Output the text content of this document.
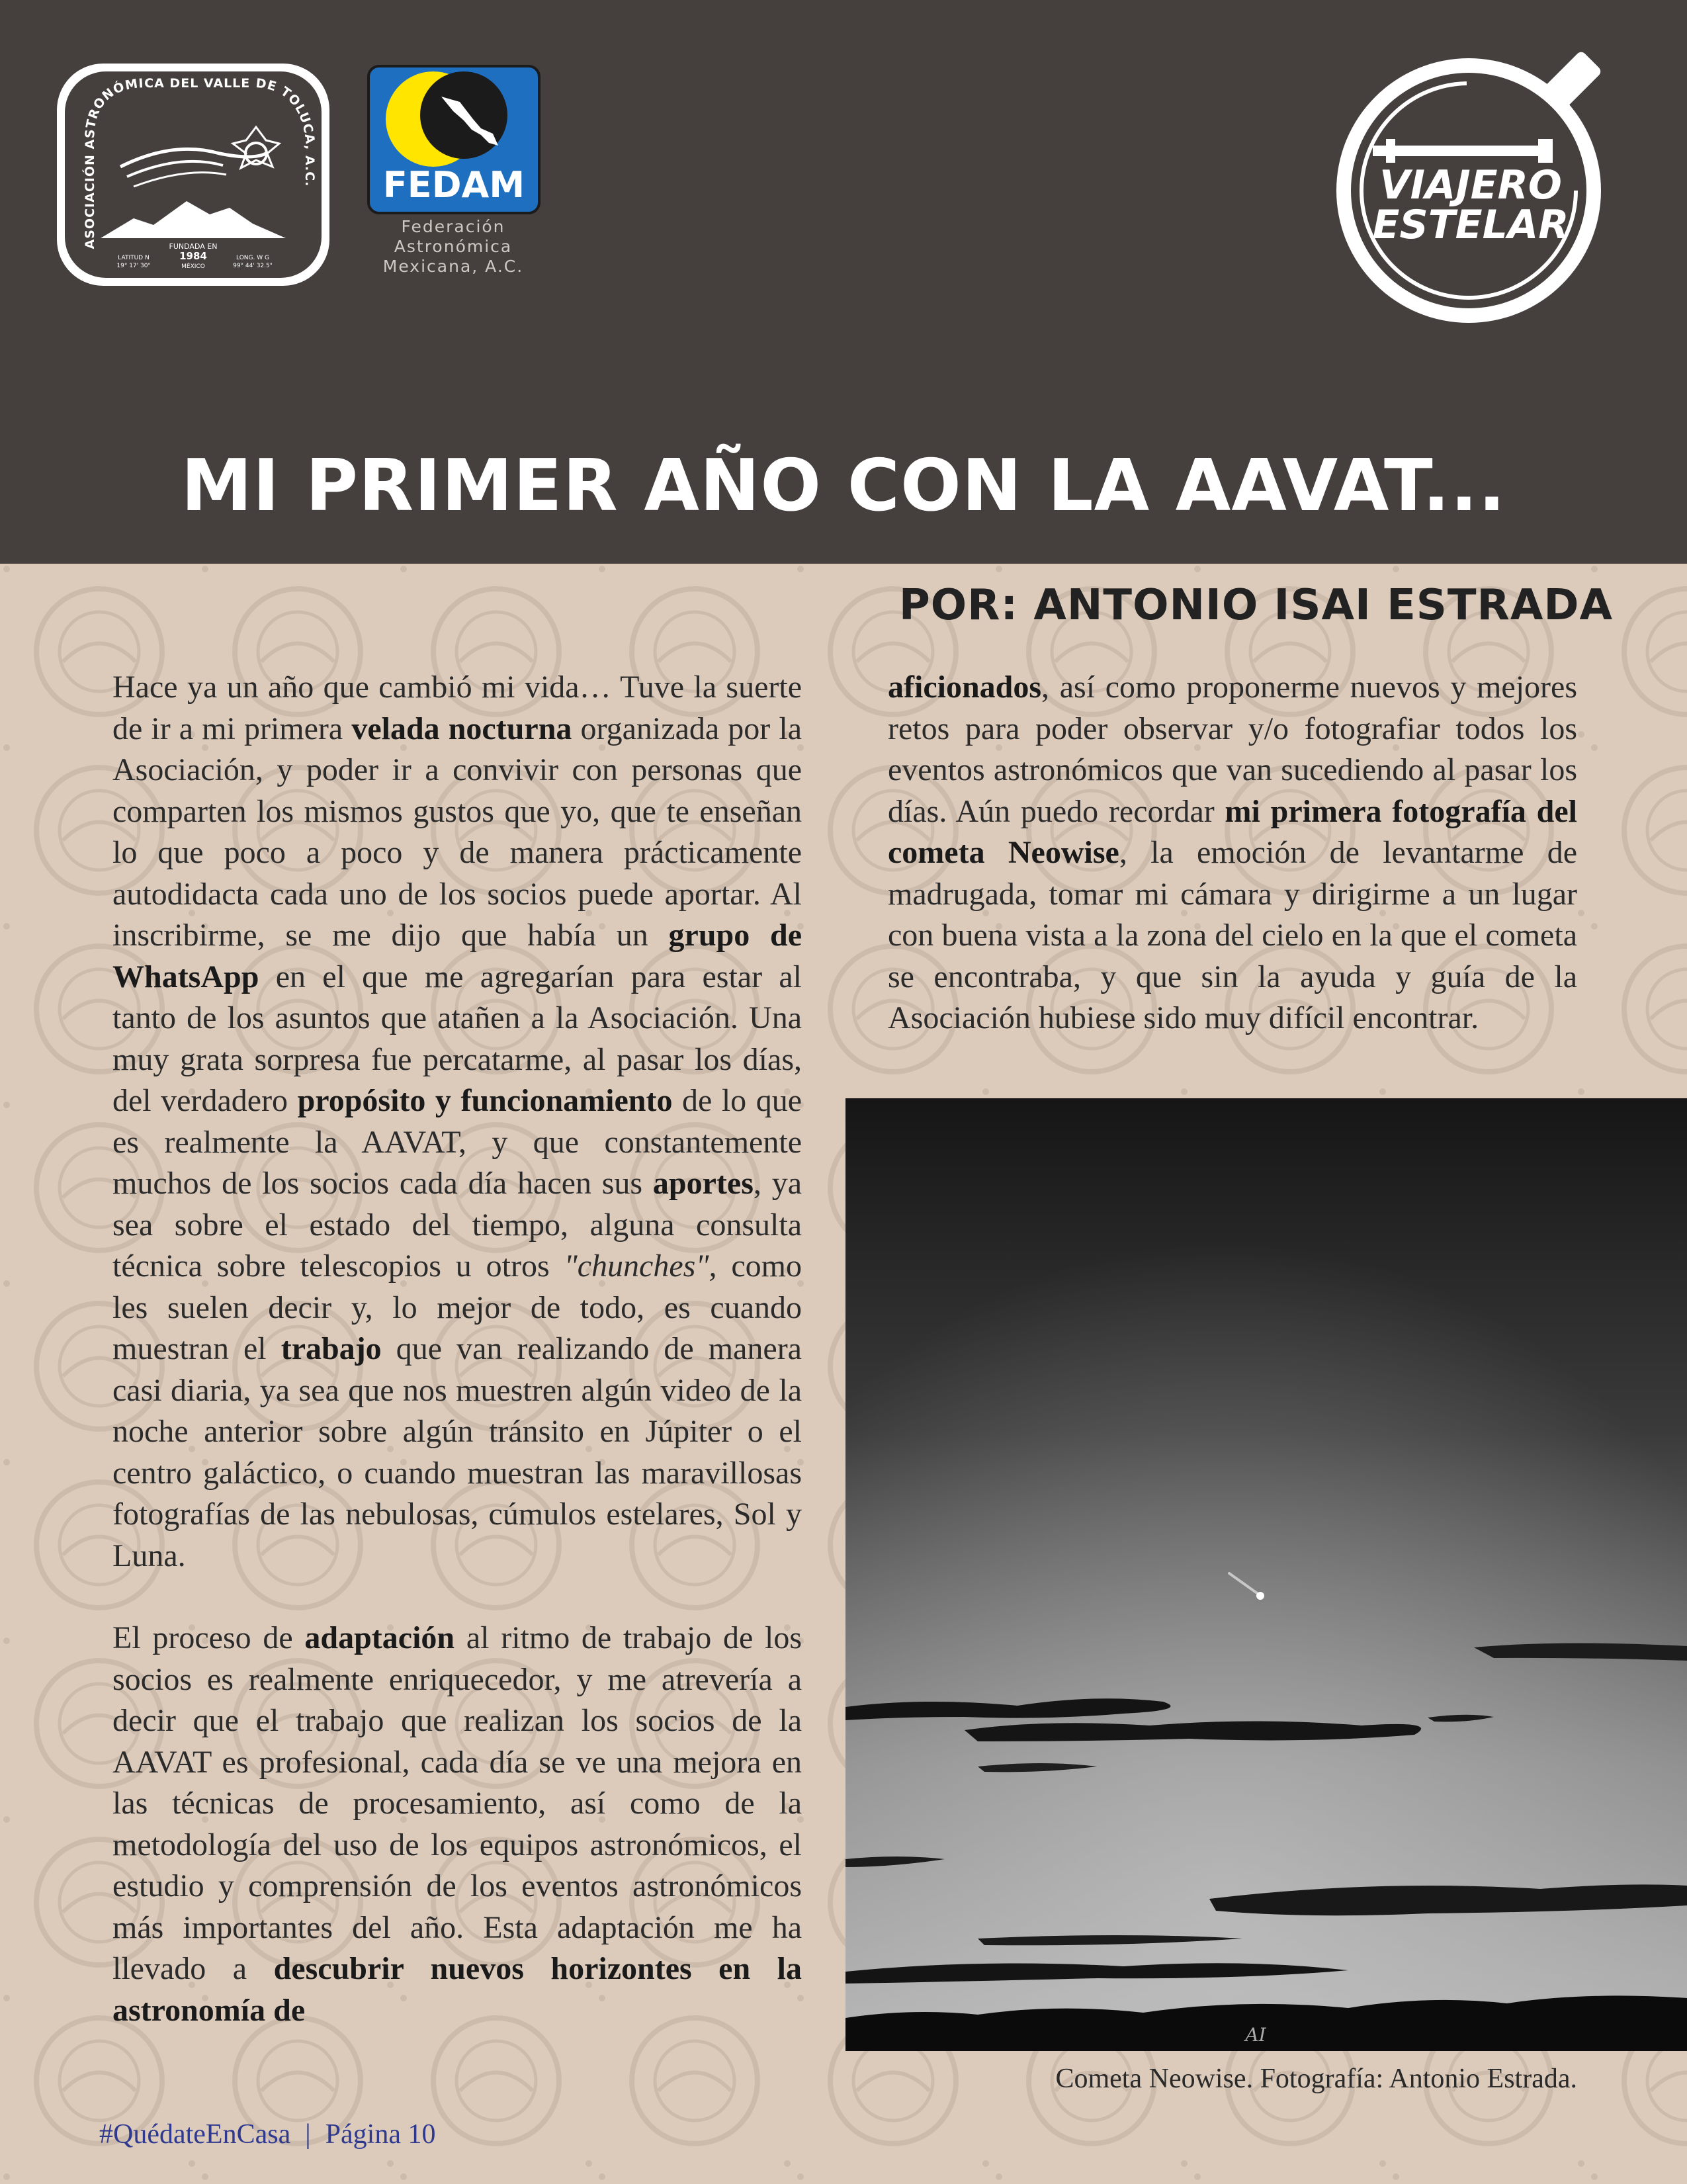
ASOCIACIÓN ASTRONÓMICA DEL VALLE DE TOLUCA, A.C.
FUNDADA EN
1984
MÉXICO
LATITUD N
19° 17' 30"
LONG. W G
99° 44' 32.5"
FEDAM
Federación
Astronómica
Mexicana, A.C.
VIAJERO
ESTELAR
MI PRIMER AÑO CON LA AAVAT...
POR: ANTONIO ISAI ESTRADA

Hace ya un año que cambió mi vida… Tuve la suerte de ir a mi primera velada nocturna organizada por la Asociación, y poder ir a convivir con personas que comparten los mismos gustos que yo, que te enseñan lo que poco a poco y de manera prácticamente autodidacta cada uno de los socios puede aportar. Al inscribirme, se me dijo que había un grupo de WhatsApp en el que me agregarían para estar al tanto de los asuntos que atañen a la Asociación. Una muy grata sorpresa fue percatarme, al pasar los días, del verdadero propósito y funcionamiento de lo que es realmente la AAVAT, y que constantemente muchos de los socios cada día hacen sus aportes, ya sea sobre el estado del tiempo, alguna consulta técnica sobre telescopios u otros "chunches", como les suelen decir y, lo mejor de todo, es cuando muestran el trabajo que van realizando de manera casi diaria, ya sea que nos muestren algún video de la noche anterior sobre algún tránsito en Júpiter o el centro galáctico, o cuando muestran las maravillosas fotografías de las nebulosas, cúmulos estelares, Sol y Luna.

El proceso de adaptación al ritmo de trabajo de los socios es realmente enriquecedor, y me atrevería a decir que el trabajo que realizan los socios de la AAVAT es profesional, cada día se ve una mejora en las técnicas de procesamiento, así como de la metodología del uso de los equipos astronómicos, el estudio y comprensión de los eventos astronómicos más importantes del año. Esta adaptación me ha llevado a descubrir nuevos horizontes en la astronomía de

aficionados, así como proponerme nuevos y mejores retos para poder observar y/o fotografiar todos los eventos astronómicos que van sucediendo al pasar los días. Aún puedo recordar mi primera fotografía del cometa Neowise, la emoción de levantarme de madrugada, tomar mi cámara y dirigirme a un lugar con buena vista a la zona del cielo en la que el cometa se encontraba, y que sin la ayuda y guía de la Asociación hubiese sido muy difícil encontrar.

AI
Cometa Neowise. Fotografía: Antonio Estrada.
#QuédateEnCasa | Página 10
